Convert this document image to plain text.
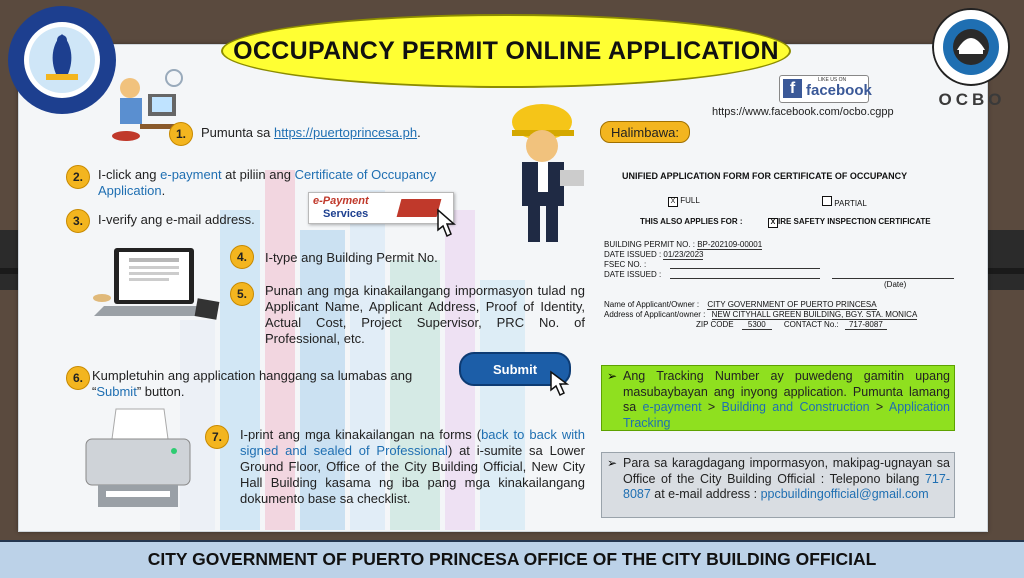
OCCUPANCY PERMIT ONLINE APPLICATION
OCBO
f	LIKE US ON
facebook
https://www.facebook.com/ocbo.cgpp
e-Payment
Services
1.	Pumunta sa https://puertoprincesa.ph.
2.	I-click ang e-payment at piliin ang Certificate of Occupancy Application.
3.	I-verify ang e-mail address.
4.	I-type ang Building Permit No.
5.	Punan ang mga kinakailangang impormasyon tulad ng Applicant Name, Applicant Address, Proof of Identity, Actual Cost, Project Supervisor, PRC No. of Professional, etc.
6. Kumpletuhin ang application hanggang sa lumabas ang “Submit” button.
Submit
7.	I-print ang mga kinakailangan na forms (back to back with signed and sealed of Professional) at i-sumite sa Lower Ground Floor, Office of the City Building Official, New City Hall Building kasama ng iba pang mga kinakailangang dokumento base sa checklist.
Halimbawa:
UNIFIED APPLICATION FORM FOR CERTIFICATE OF OCCUPANCY
X FULL	PARTIAL
THIS ALSO APPLIES FOR :	X IRE SAFETY INSPECTION CERTIFICATE
BUILDING PERMIT NO. : BP-202109-00001
DATE ISSUED : 01/23/2023
FSEC NO. :
DATE ISSUED :
(Date)
Name of Applicant/Owner : CITY GOVERNMENT OF PUERTO PRINCESA
Address of Applicant/owner : NEW CITYHALL GREEN BUILDING, BGY. STA. MONICA
ZIP CODE 5300 CONTACT No.: 717-8087
➢ Ang Tracking Number ay puwedeng gamitin upang masubaybayan ang inyong application. Pumunta lamang sa e-payment > Building and Construction > Application Tracking
➢ Para sa karagdagang impormasyon, makipag-ugnayan sa Office of the City Building Official : Telepono bilang 717-8087 at e-mail address : ppcbuildingofficial@gmail.com
CITY GOVERNMENT OF PUERTO PRINCESA OFFICE OF THE CITY BUILDING OFFICIAL
